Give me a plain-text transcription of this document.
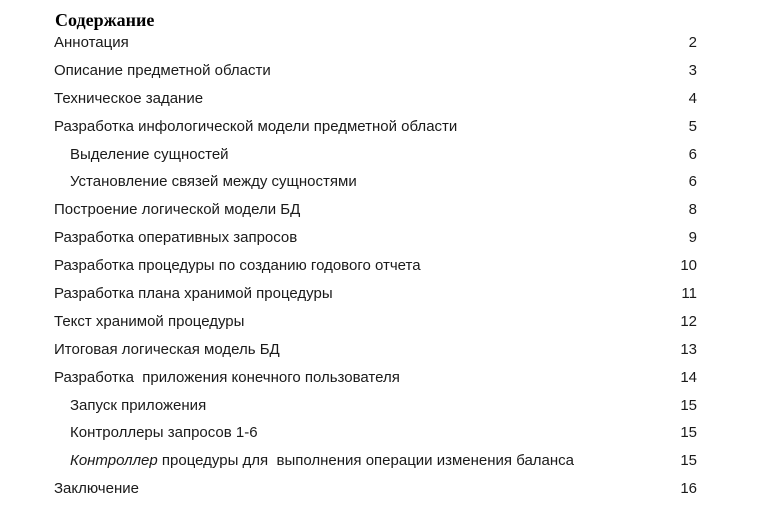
Содержание
Аннотация	2
Описание предметной области	3
Техническое задание	4
Разработка инфологической модели предметной области	5
Выделение сущностей	6
Установление связей между сущностями	6
Построение логической модели БД	8
Разработка оперативных запросов	9
Разработка процедуры по созданию годового отчета	10
Разработка плана хранимой процедуры	11
Текст хранимой процедуры	12
Итоговая логическая модель БД	13
Разработка  приложения конечного пользователя	14
Запуск приложения	15
Контроллеры запросов 1-6	15
Контроллер процедуры для  выполнения операции изменения баланса	15
Заключение	16
